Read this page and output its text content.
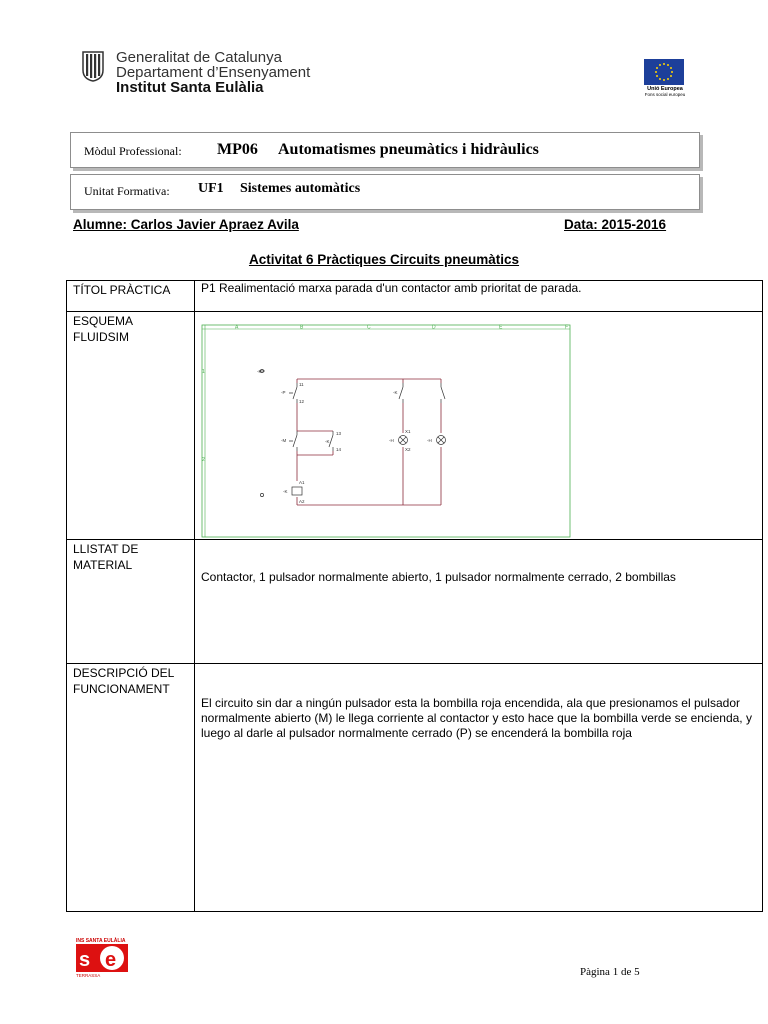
Generalitat de Catalunya
Departament d’Ensenyament
Institut Santa Eulàlia	Unió Europea
Fons social europeu
Mòdul Professional: MP06 Automatismes pneumàtics i hidràulics
Unitat Formativa: UF1 Sistemes automàtics
Alumne: Carlos Javier Apraez Avila	Data: 2015-2016
Activitat 6 Pràctiques Circuits pneumàtics
TÍTOL PRÀCTICA	P1 Realimentació marxa parada d'un contactor amb prioritat de parada.
ESQUEMA FLUIDSIM	
LLISTAT DE MATERIAL	Contactor, 1 pulsador normalmente abierto, 1 pulsador normalmente cerrado, 2 bombillas
DESCRIPCIÓ DEL FUNCIONAMENT	El circuito sin dar a ningún pulsador esta la bombilla roja encendida, ala que presionamos el pulsador normalmente abierto (M) le llega corriente al contactor y esto hace que la bombilla verde se encienda, y luego al darle al pulsador normalmente cerrado (P) se encenderá la bombilla roja
A	B	C	D	E	F
1
2
-K
-P
-M	-K
-K
-K
-H	-H
11
12
13
14
A1
A2
X1
X2
INS SANTA EULÀLIA
s e
TERRASSA	Pàgina 1 de 5
